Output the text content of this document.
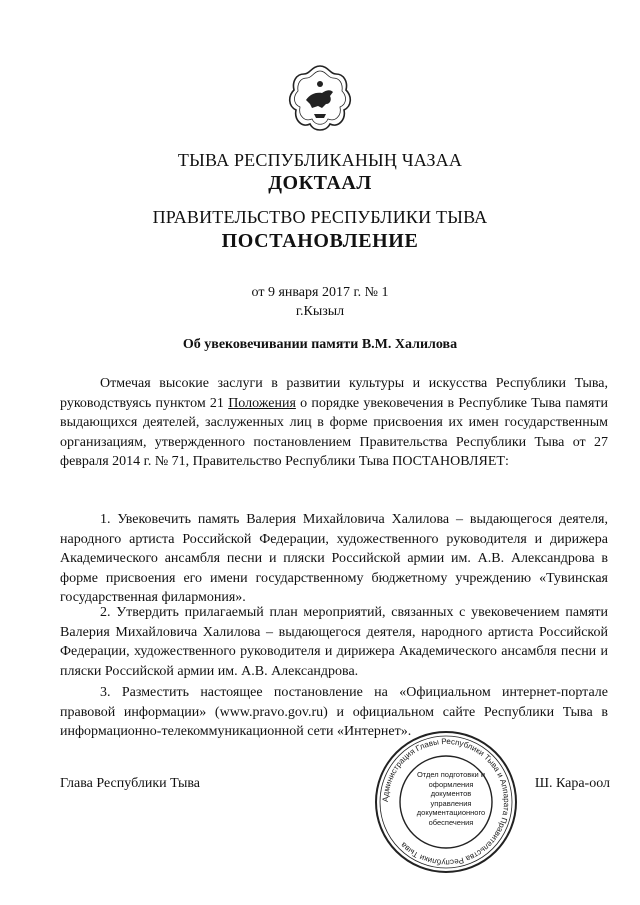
ТЫВА РЕСПУБЛИКАНЫҢ ЧАЗАА
ДОКТААЛ
ПРАВИТЕЛЬСТВО РЕСПУБЛИКИ ТЫВА
ПОСТАНОВЛЕНИЕ
от 9 января 2017 г. № 1
г.Кызыл
Об увековечивании памяти В.М. Халилова
Отмечая высокие заслуги в развитии культуры и искусства Республики Тыва, руководствуясь пунктом 21 Положения о порядке увековечения в Республике Тыва памяти выдающихся деятелей, заслуженных лиц в форме присвоения их имен государственным организациям, утвержденного постановлением Правительства Республики Тыва от 27 февраля 2014 г. № 71, Правительство Республики Тыва ПОСТАНОВЛЯЕТ:
1. Увековечить память Валерия Михайловича Халилова – выдающегося деятеля, народного артиста Российской Федерации, художественного руководителя и дирижера Академического ансамбля песни и пляски Российской армии им. А.В. Александрова в форме присвоения его имени государственному бюджетному учреждению «Тувинская государственная филармония».
2. Утвердить прилагаемый план мероприятий, связанных с увековечением памяти Валерия Михайловича Халилова – выдающегося деятеля, народного артиста Российской Федерации, художественного руководителя и дирижера Академического ансамбля песни и пляски Российской армии им. А.В. Александрова.
3. Разместить настоящее постановление на «Официальном интернет-портале правовой информации» (www.pravo.gov.ru) и официальном сайте Республики Тыва в информационно-телекоммуникационной сети «Интернет».
Глава Республики Тыва	Ш. Кара-оол
Администрация Главы Республики Тыва и Аппарата Правительства Республики Тыва
Отдел подготовки и оформления документов управления документационного обеспечения
